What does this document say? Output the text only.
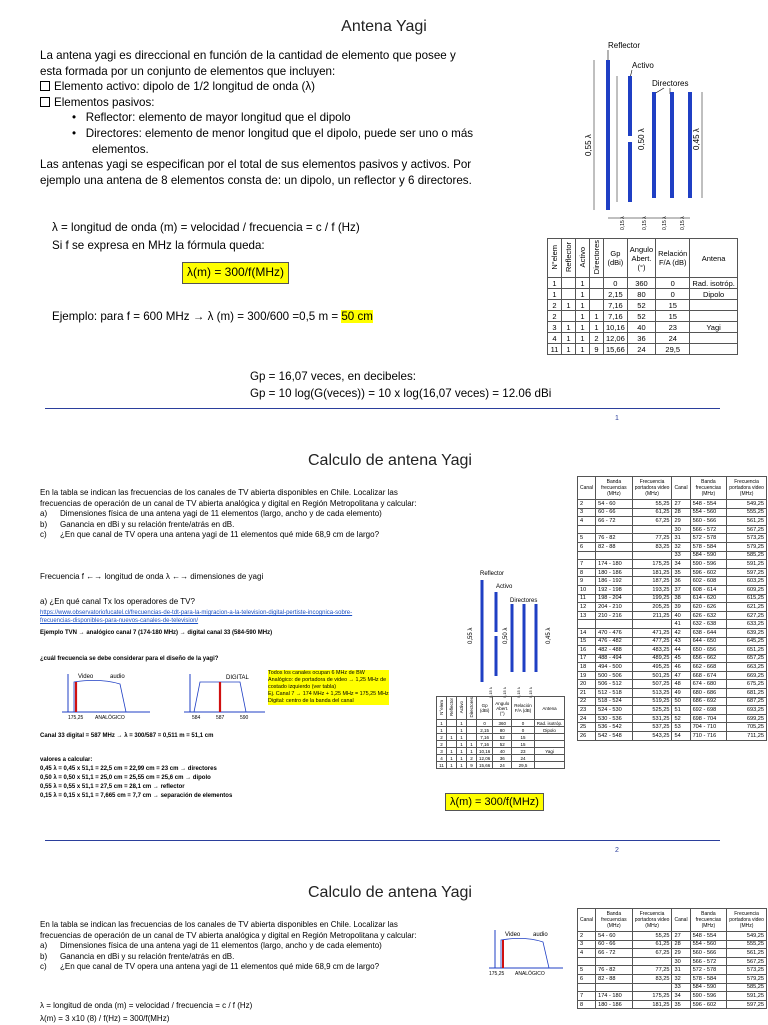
Antena Yagi
La antena yagi es direccional en función de la cantidad de elemento que posee y
esta formada por un conjunto de elementos que incluyen:
Elemento activo: dipolo de 1/2 longitud de onda (λ)
Elementos pasivos:
•   Reflector: elemento de mayor longitud que el dipolo
•   Directores: elemento de menor longitud que el dipolo, puede ser uno o más
elementos.
Las antenas yagi se especifican por el total de sus elementos pasivos y activos. Por
ejemplo una antena de 8 elementos consta de: un dipolo, un reflector y 6 directores.
λ = longitud de onda (m) = velocidad / frecuencia = c / f (Hz)
Si f se expresa en MHz la fórmula queda:
λ(m) = 300/f(MHz)
Ejemplo: para f = 600 MHz → λ (m) = 300/600 =0,5 m = 50 cm
Gp = 16,07 veces, en decibeles:
Gp = 10 log(G(veces)) = 10 x log(16,07 veces) = 12.06 dBi
Reflector
Activo
Directores
0,55 λ	0,50 λ	0,45 λ
0,15 λ	0,15 λ	0,15 λ 0,15 λ
N°elem	Reflector	Activo	Directores	Gp (dBi)	Angulo Abert. (°)	Relación F/A (dB)	Antena
1		1		0	360	0	Rad. isotróp.
1		1		2,15	80	0	Dipolo
2	1	1		7,16	52	15	
2		1	1	7,16	52	15	
3	1	1	1	10,16	40	23	Yagi
4	1	1	2	12,06	36	24	
11	1	1	9	15,66	24	29,5	
1
Calculo de antena Yagi
En la tabla se indican las frecuencias de los canales de TV abierta disponibles en Chile. Localizar las
frecuencias de operación de un canal de TV abierta analógica y digital en Región Metropolitana y calcular:
a) Dimensiones física de una antena yagi de 11 elementos (largo, ancho y de cada elemento)
b) Ganancia en dBi y su relación frente/atrás en dB.
c) ¿En que canal de TV opera una antena yagi de 11 elementos qué mide 68,9 cm de largo?
Frecuencia f ←→ longitud de onda λ ←→ dimensiones de yagi
a) ¿En qué canal Tx los operadores de TV?
https://www.observatoriofucatel.cl/frecuencias-de-tdt-para-la-migracion-a-la-television-digital-pertiste-incognica-sobre-
frecuencias-disponibles-para-nuevos-canales-de-television/
Ejemplo TVN → analógico canal 7 (174-180 MHz) → digital canal 33 (584-590 MHz)
¿cuál frecuencia se debe considerar para el diseño de la yagi?
Video	audio
175,25 ANALÓGICO
DIGITAL
584	587	590
Todos los canales ocupan 6 MHz de BW
Analógico: de portadora de video → 1,25 MHz de
costado izquierdo (ver tabla)
Ej. Canal 7 → 174 MHz + 1,25 MHz = 175,25 MHz
Digital: centro de la banda del canal
Canal 33 digital = 587 MHz → λ = 300/587 = 0,511 m = 51,1 cm
valores a calcular:
0,45 λ = 0,45 x 51,1 = 22,5 cm = 22,99 cm = 23 cm → directores
0,50 λ = 0,50 x 51,1 = 25,0 cm = 25,55 cm = 25,6 cm → dipolo
0,55 λ = 0,55 x 51,1 = 27,5 cm = 28,1 cm → reflector
0,15 λ = 0,15 x 51,1 = 7,665 cm = 7,7 cm → separación de elementos
Reflector
Activo
Directores
0,55 λ	0,50 λ	0,45 λ
0,15 λ 0,15 λ 0,15 λ 0,15 λ
N°elem	Reflector	Activo	Directores	Gp (dBi)	Angulo Abert. (°)	Relación F/A (dB)	Antena
1		1		0	360	0	Rad. isotróp.
1		1		2,15	80	0	Dipolo
2	1	1		7,16	52	15	
2		1	1	7,16	52	15	
3	1	1	1	10,16	40	23	Yagi
4	1	1	2	12,06	36	24	
11	1	1	9	15,66	24	29,5	
λ(m) = 300/f(MHz)
Canal	Banda frecuencias (MHz)	Frecuencia portadora video (MHz)	Canal	Banda frecuencias (MHz)	Frecuencia portadora video (MHz)
2	54 - 60	55,25	27	548 - 554	549,25
3	60 - 66	61,25	28	554 - 560	555,25
4	66 - 72	67,25	29	560 - 566	561,25
			30	566 - 572	567,25
5	76 - 82	77,25	31	572 - 578	573,25
6	82 - 88	83,25	32	578 - 584	579,25
			33	584 - 590	585,25
7	174 - 180	175,25	34	590 - 596	591,25
8	180 - 186	181,25	35	596 - 602	597,25
9	186 - 192	187,25	36	602 - 608	603,25
10	192 - 198	193,25	37	608 - 614	609,25
11	198 - 204	199,25	38	614 - 620	615,25
12	204 - 210	205,25	39	620 - 626	621,25
13	210 - 216	211,25	40	626 - 632	627,25
			41	632 - 638	633,25
14	470 - 476	471,25	42	638 - 644	639,25
15	476 - 482	477,25	43	644 - 650	645,25
16	482 - 488	483,25	44	650 - 656	651,25
17	488 - 494	489,25	45	656 - 662	657,25
18	494 - 500	495,25	46	662 - 668	663,25
19	500 - 506	501,25	47	668 - 674	669,25
20	506 - 512	507,25	48	674 - 680	675,25
21	512 - 518	513,25	49	680 - 686	681,25
22	518 - 524	519,25	50	686 - 692	687,25
23	524 - 530	525,25	51	692 - 698	693,25
24	530 - 536	531,25	52	698 - 704	699,25
25	536 - 542	537,25	53	704 - 710	705,25
26	542 - 548	543,25	54	710 - 716	711,25
2
Calculo de antena Yagi
En la tabla se indican las frecuencias de los canales de TV abierta disponibles en Chile. Localizar las
frecuencias de operación de un canal de TV abierta analógica y digital en Región Metropolitana y calcular:
a) Dimensiones física de una antena yagi de 11 elementos (largo, ancho y de cada elemento)
b) Ganancia en dBi y su relación frente/atrás en dB.
c) ¿En que canal de TV opera una antena yagi de 11 elementos qué mide 68,9 cm de largo?
λ = longitud de onda (m) = velocidad / frecuencia = c / f (Hz)
λ(m) = 3 x10 (8) / f(Hz) = 300/f(MHz)
Video audio
175,25 ANALÓGICO
Canal	Banda frecuencias (MHz)	Frecuencia portadora video (MHz)	Canal	Banda frecuencias (MHz)	Frecuencia portadora video (MHz)
2	54 - 60	55,25	27	548 - 554	549,25
3	60 - 66	61,25	28	554 - 560	555,25
4	66 - 72	67,25	29	560 - 566	561,25
			30	566 - 572	567,25
5	76 - 82	77,25	31	572 - 578	573,25
6	82 - 88	83,25	32	578 - 584	579,25
			33	584 - 590	585,25
7	174 - 180	175,25	34	590 - 596	591,25
8	180 - 186	181,25	35	596 - 602	597,25
